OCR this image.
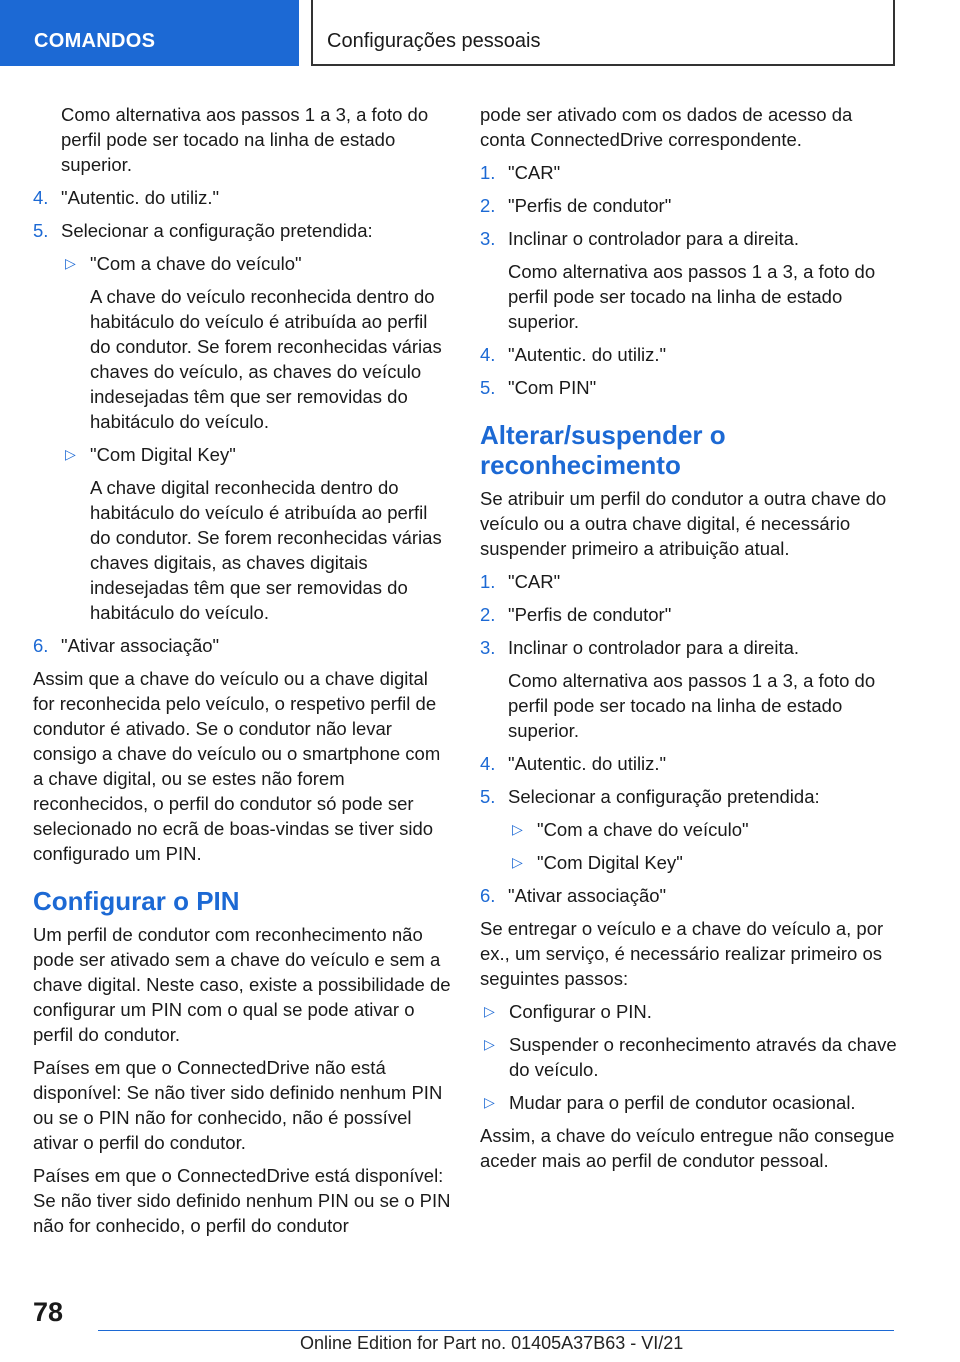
COMANDOS	Configurações pessoais

Como alternativa aos passos 1 a 3, a foto do perfil pode ser tocado na linha de estado superior.

4. "Autentic. do utiliz."
5. Selecionar a configuração pretendida:
▷ "Com a chave do veículo"

A chave do veículo reconhecida dentro do habitáculo do veículo é atribuída ao perfil do condutor. Se forem reconhecidas várias chaves do veículo, as chaves do veículo indesejadas têm que ser removidas do habitáculo do veículo.

▷ "Com Digital Key"

A chave digital reconhecida dentro do habitáculo do veículo é atribuída ao perfil do condutor. Se forem reconhecidas várias chaves digitais, as chaves digitais indesejadas têm que ser removidas do habitáculo do veículo.

6. "Ativar associação"

Assim que a chave do veículo ou a chave digital for reconhecida pelo veículo, o respetivo perfil de condutor é ativado. Se o condutor não levar consigo a chave do veículo ou o smartphone com a chave digital, ou se estes não forem reconhecidos, o perfil do condutor só pode ser selecionado no ecrã de boas-vindas se tiver sido configurado um PIN.

Configurar o PIN

Um perfil de condutor com reconhecimento não pode ser ativado sem a chave do veículo e sem a chave digital. Neste caso, existe a possibilidade de configurar um PIN com o qual se pode ativar o perfil do condutor.

Países em que o ConnectedDrive não está disponível: Se não tiver sido definido nenhum PIN ou se o PIN não for conhecido, não é possível ativar o perfil do condutor.

Países em que o ConnectedDrive está disponível: Se não tiver sido definido nenhum PIN ou se o PIN não for conhecido, o perfil do condutor

pode ser ativado com os dados de acesso da conta ConnectedDrive correspondente.

1. "CAR"
2. "Perfis de condutor"
3. Inclinar o controlador para a direita.

Como alternativa aos passos 1 a 3, a foto do perfil pode ser tocado na linha de estado superior.

4. "Autentic. do utiliz."
5. "Com PIN"
Alterar/suspender o reconhecimento

Se atribuir um perfil do condutor a outra chave do veículo ou a outra chave digital, é necessário suspender primeiro a atribuição atual.

1. "CAR"
2. "Perfis de condutor"
3. Inclinar o controlador para a direita.

Como alternativa aos passos 1 a 3, a foto do perfil pode ser tocado na linha de estado superior.

4. "Autentic. do utiliz."
5. Selecionar a configuração pretendida:
▷ "Com a chave do veículo"
▷ "Com Digital Key"
6. "Ativar associação"

Se entregar o veículo e a chave do veículo a, por ex., um serviço, é necessário realizar primeiro os seguintes passos:

▷ Configurar o PIN.
▷ Suspender o reconhecimento através da chave do veículo.
▷ Mudar para o perfil de condutor ocasional.

Assim, a chave do veículo entregue não consegue aceder mais ao perfil de condutor pessoal.

78
Online Edition for Part no. 01405A37B63 - VI/21
